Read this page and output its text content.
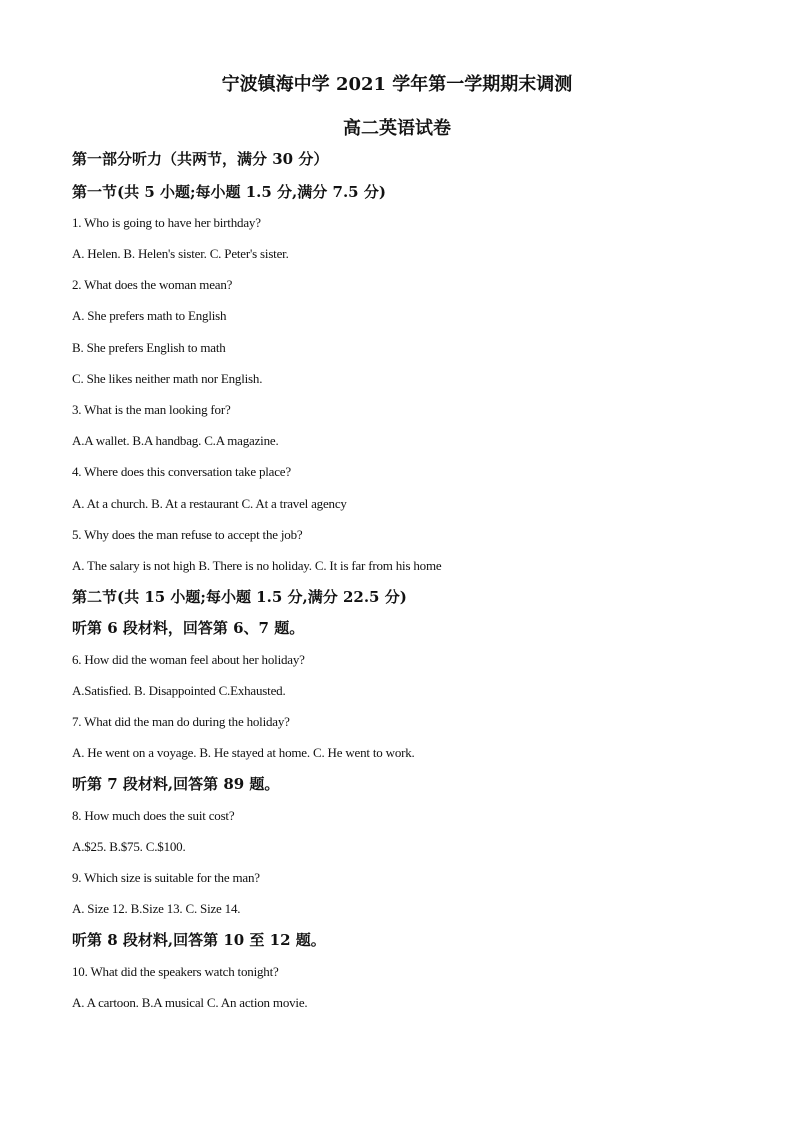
宁波镇海中学 2021 学年第一学期期末调测
高二英语试卷
第一部分听力（共两节，满分 30 分）
第一节(共 5 小题;每小题 1.5 分,满分 7.5 分)
1. Who is going to have her birthday?
A. Helen. B. Helen's sister. C. Peter's sister.
2. What does the woman mean?
A. She prefers math to English
B. She prefers English to math
C. She likes neither math nor English.
3. What is the man looking for?
A.A wallet. B.A handbag. C.A magazine.
4. Where does this conversation take place?
A. At a church. B. At a restaurant C. At a travel agency
5. Why does the man refuse to accept the job?
A. The salary is not high B. There is no holiday. C. It is far from his home
第二节(共 15 小题;每小题 1.5 分,满分 22.5 分)
听第 6 段材料，回答第 6、7 题。
6. How did the woman feel about her holiday?
A.Satisfied. B. Disappointed C.Exhausted.
7. What did the man do during the holiday?
A. He went on a voyage. B. He stayed at home. C. He went to work.
听第 7 段材料,回答第 89 题。
8. How much does the suit cost?
A.$25. B.$75. C.$100.
9. Which size is suitable for the man?
A. Size 12. B.Size 13. C. Size 14.
听第 8 段材料,回答第 10 至 12 题。
10. What did the speakers watch tonight?
A. A cartoon. B.A musical C. An action movie.
